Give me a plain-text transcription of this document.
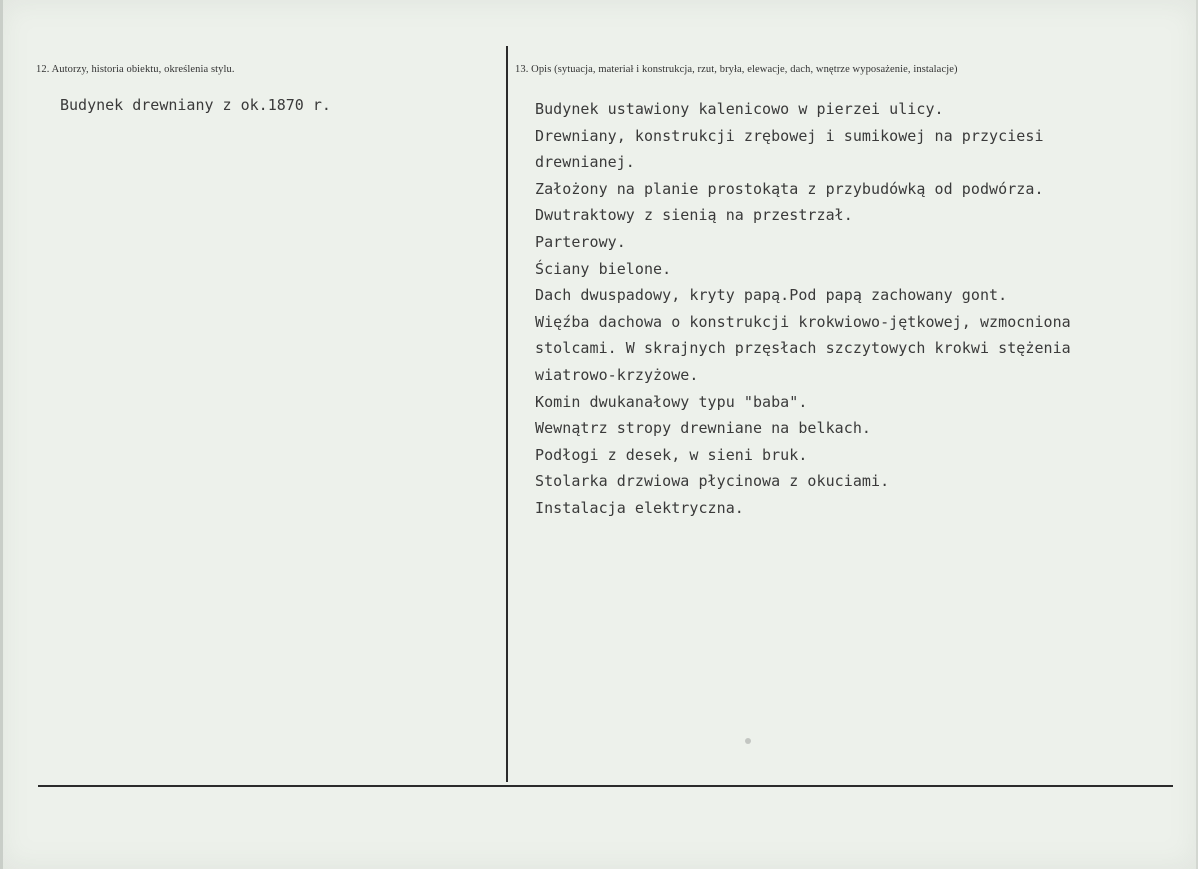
12. Autorzy, historia obiektu, określenia stylu.
Budynek drewniany z ok.1870 r.
13. Opis (sytuacja, materiał i konstrukcja, rzut, bryła, elewacje, dach, wnętrze wyposażenie, instalacje)
Budynek ustawiony kalenicowo w pierzei ulicy.
Drewniany, konstrukcji zrębowej i sumikowej na przyciesi
drewnianej.
Założony na planie prostokąta z przybudówką od podwórza.
Dwutraktowy z sienią na przestrzał.
Parterowy.
Ściany bielone.
Dach dwuspadowy, kryty papą.Pod papą zachowany gont.
Więźba dachowa o konstrukcji krokwiowo-jętkowej, wzmocniona
stolcami. W skrajnych przęsłach szczytowych krokwi stężenia
wiatrowo-krzyżowe.
Komin dwukanałowy typu "baba".
Wewnątrz stropy drewniane na belkach.
Podłogi z desek, w sieni bruk.
Stolarka drzwiowa płycinowa z okuciami.
Instalacja elektryczna.
